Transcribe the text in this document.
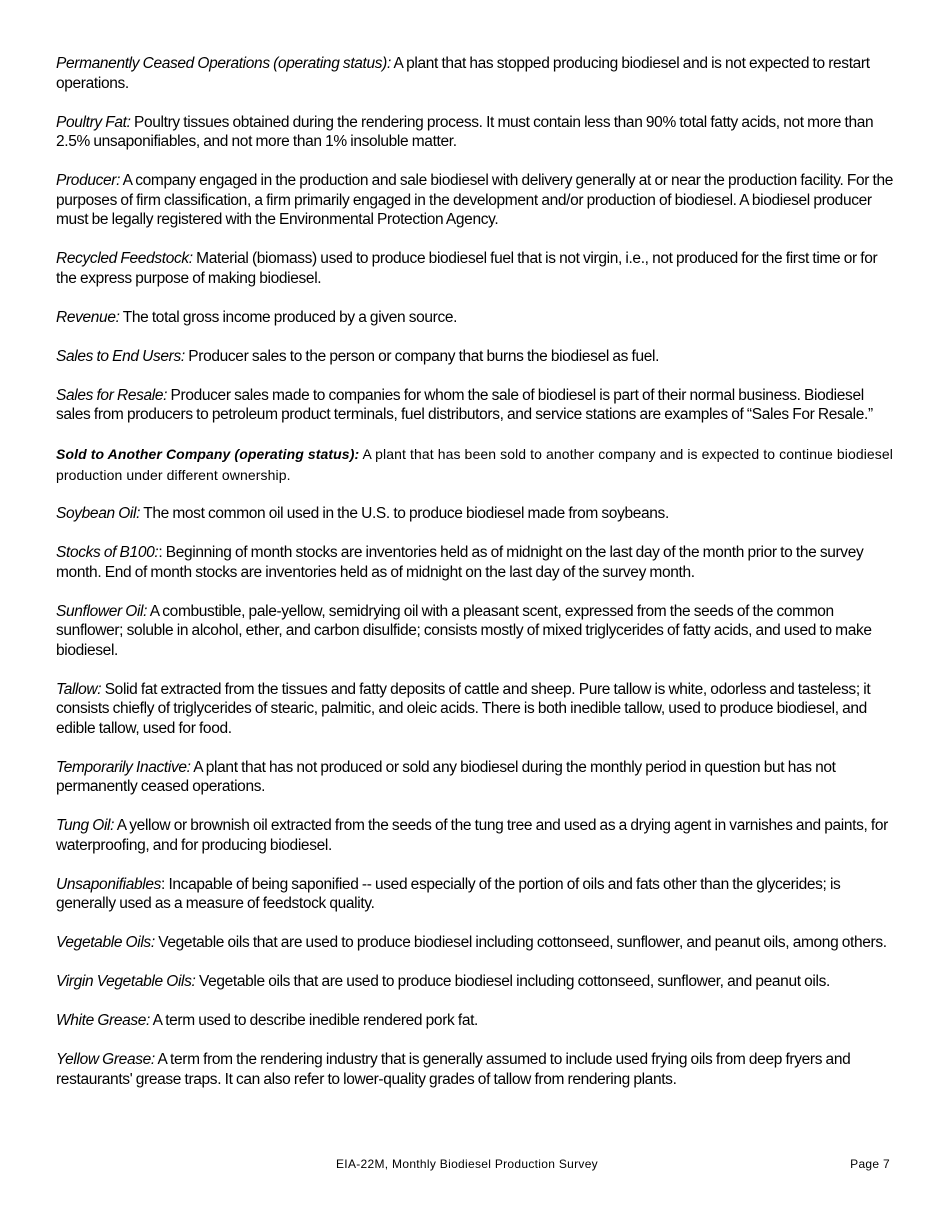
Permanently Ceased Operations (operating status): A plant that has stopped producing biodiesel and is not expected to restart operations.

Poultry Fat: Poultry tissues obtained during the rendering process. It must contain less than 90% total fatty acids, not more than 2.5% unsaponifiables, and not more than 1% insoluble matter.

Producer: A company engaged in the production and sale biodiesel with delivery generally at or near the production facility. For the purposes of firm classification, a firm primarily engaged in the development and/or production of biodiesel. A biodiesel producer must be legally registered with the Environmental Protection Agency.

Recycled Feedstock: Material (biomass) used to produce biodiesel fuel that is not virgin, i.e., not produced for the first time or for the express purpose of making biodiesel.

Revenue: The total gross income produced by a given source.

Sales to End Users: Producer sales to the person or company that burns the biodiesel as fuel.

Sales for Resale: Producer sales made to companies for whom the sale of biodiesel is part of their normal business. Biodiesel sales from producers to petroleum product terminals, fuel distributors, and service stations are examples of “Sales For Resale.”

Sold to Another Company (operating status): A plant that has been sold to another company and is expected to continue biodiesel production under different ownership.

Soybean Oil: The most common oil used in the U.S. to produce biodiesel made from soybeans.

Stocks of B100:: Beginning of month stocks are inventories held as of midnight on the last day of the month prior to the survey month. End of month stocks are inventories held as of midnight on the last day of the survey month.

Sunflower Oil: A combustible, pale-yellow, semidrying oil with a pleasant scent, expressed from the seeds of the common sunflower; soluble in alcohol, ether, and carbon disulfide; consists mostly of mixed triglycerides of fatty acids, and used to make biodiesel.

Tallow: Solid fat extracted from the tissues and fatty deposits of cattle and sheep. Pure tallow is white, odorless and tasteless; it consists chiefly of triglycerides of stearic, palmitic, and oleic acids. There is both inedible tallow, used to produce biodiesel, and edible tallow, used for food.

Temporarily Inactive: A plant that has not produced or sold any biodiesel during the monthly period in question but has not permanently ceased operations.

Tung Oil: A yellow or brownish oil extracted from the seeds of the tung tree and used as a drying agent in varnishes and paints, for waterproofing, and for producing biodiesel.

Unsaponifiables: Incapable of being saponified -- used especially of the portion of oils and fats other than the glycerides; is generally used as a measure of feedstock quality.

Vegetable Oils: Vegetable oils that are used to produce biodiesel including cottonseed, sunflower, and peanut oils, among others.

Virgin Vegetable Oils: Vegetable oils that are used to produce biodiesel including cottonseed, sunflower, and peanut oils.

White Grease: A term used to describe inedible rendered pork fat.

Yellow Grease: A term from the rendering industry that is generally assumed to include used frying oils from deep fryers and restaurants' grease traps. It can also refer to lower-quality grades of tallow from rendering plants.

EIA-22M, Monthly Biodiesel Production Survey	Page 7
